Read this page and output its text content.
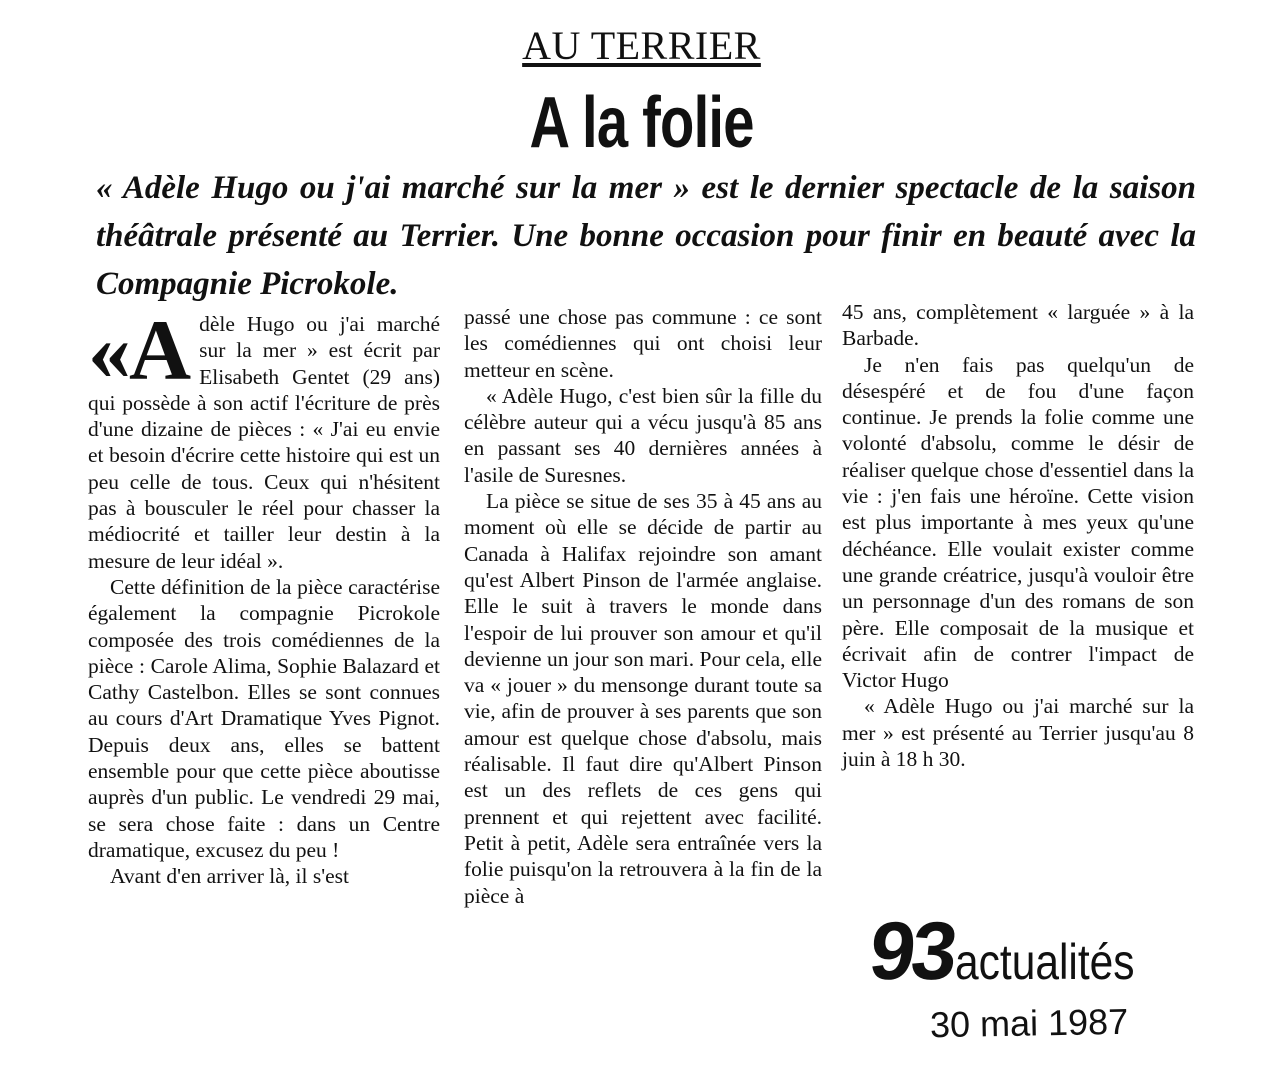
AU TERRIER
A la folie
« Adèle Hugo ou j'ai marché sur la mer » est le dernier spectacle de la saison théâtrale présenté au Terrier. Une bonne occasion pour finir en beauté avec la Compagnie Picrokole.

«Adèle Hugo ou j'ai marché sur la mer » est écrit par Elisabeth Gentet (29 ans) qui possède à son actif l'écriture de près d'une dizaine de pièces : « J'ai eu envie et besoin d'écrire cette histoire qui est un peu celle de tous. Ceux qui n'hésitent pas à bousculer le réel pour chasser la médiocrité et tailler leur destin à la mesure de leur idéal ».

Cette définition de la pièce caractérise également la compagnie Picrokole composée des trois comédiennes de la pièce : Carole Alima, Sophie Balazard et Cathy Castelbon. Elles se sont connues au cours d'Art Dramatique Yves Pignot. Depuis deux ans, elles se battent ensemble pour que cette pièce aboutisse auprès d'un public. Le vendredi 29 mai, se sera chose faite : dans un Centre dramatique, excusez du peu !

Avant d'en arriver là, il s'est

passé une chose pas commune : ce sont les comédiennes qui ont choisi leur metteur en scène.

« Adèle Hugo, c'est bien sûr la fille du célèbre auteur qui a vécu jusqu'à 85 ans en passant ses 40 dernières années à l'asile de Suresnes.

La pièce se situe de ses 35 à 45 ans au moment où elle se décide de partir au Canada à Halifax rejoindre son amant qu'est Albert Pinson de l'armée anglaise. Elle le suit à travers le monde dans l'espoir de lui prouver son amour et qu'il devienne un jour son mari. Pour cela, elle va « jouer » du mensonge durant toute sa vie, afin de prouver à ses parents que son amour est quelque chose d'absolu, mais réalisable. Il faut dire qu'Albert Pinson est un des reflets de ces gens qui prennent et qui rejettent avec facilité. Petit à petit, Adèle sera entraînée vers la folie puisqu'on la retrouvera à la fin de la pièce à

45 ans, complètement « larguée » à la Barbade.

Je n'en fais pas quelqu'un de désespéré et de fou d'une façon continue. Je prends la folie comme une volonté d'absolu, comme le désir de réaliser quelque chose d'essentiel dans la vie : j'en fais une héroïne. Cette vision est plus importante à mes yeux qu'une déchéance. Elle voulait exister comme une grande créatrice, jusqu'à vouloir être un personnage d'un des romans de son père. Elle composait de la musique et écrivait afin de contrer l'impact de Victor Hugo

« Adèle Hugo ou j'ai marché sur la mer » est présenté au Terrier jusqu'au 8 juin à 18 h 30.

93actualités
30 mai 1987
